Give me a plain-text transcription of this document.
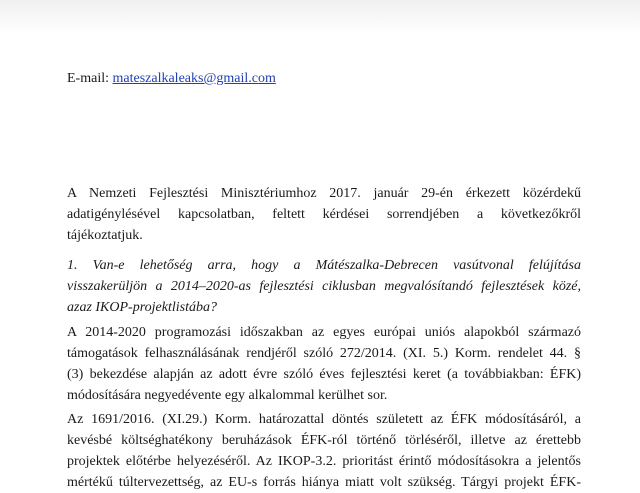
E-mail: mateszalkaleaks@gmail.com

A Nemzeti Fejlesztési Minisztériumhoz 2017. január 29-én érkezett közérdekű
adatigénylésével kapcsolatban, feltett kérdései sorrendjében a következőkről
tájékoztatjuk.

1. Van-e lehetőség arra, hogy a Mátészalka-Debrecen vasútvonal felújítása
visszakerüljön a 2014–2020-as fejlesztési ciklusban megvalósítandó fejlesztések közé,
azaz IKOP-projektlistába?

A 2014-2020 programozási időszakban az egyes európai uniós alapokból származó
támogatások felhasználásának rendjéről szóló 272/2014. (XI. 5.) Korm. rendelet 44. §
(3) bekezdése alapján az adott évre szóló éves fejlesztési keret (a továbbiakban: ÉFK)
módosítására negyedévente egy alkalommal kerülhet sor.

Az 1691/2016. (XI.29.) Korm. határozattal döntés született az ÉFK módosításáról, a
kevésbé költséghatékony beruházások ÉFK-ról történő törléséről, illetve az érettebb
projektek előtérbe helyezéséről. Az IKOP-3.2. prioritást érintő módosításokra a jelentős
mértékű túltervezettség, az EU-s forrás hiánya miatt volt szükség. Tárgyi projekt ÉFK-
